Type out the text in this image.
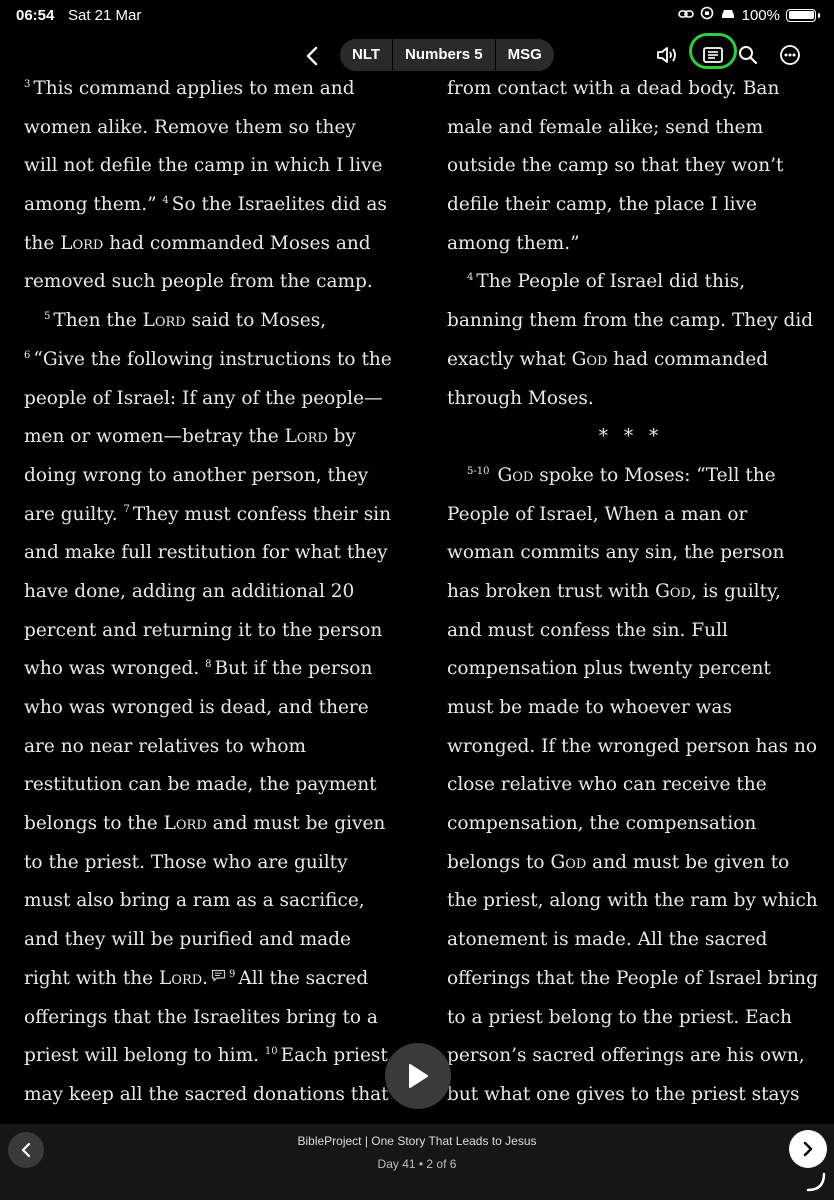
06:54 Sat 21 Mar	100%
NLT	Numbers 5	MSG
$^3$ This command applies to men and
women alike. Remove them so they
will not defile the camp in which I live
among them.” $^4$ So the Israelites did as
the Lord had commanded Moses and
removed such people from the camp.
$^5$ Then the Lord said to Moses,
$^6$ “Give the following instructions to the
people of Israel: If any of the people—
men or women—betray the Lord by
doing wrong to another person, they
are guilty. $^7$ They must confess their sin
and make full restitution for what they
have done, adding an additional 20
percent and returning it to the person
who was wronged. $^8$ But if the person
who was wronged is dead, and there
are no near relatives to whom
restitution can be made, the payment
belongs to the Lord and must be given
to the priest. Those who are guilty
must also bring a ram as a sacrifice,
and they will be purified and made
right with the Lord. $^9$ All the sacred
offerings that the Israelites bring to a
priest will belong to him. $^{10}$ Each priest
may keep all the sacred donations that
from contact with a dead body. Ban
male and female alike; send them
outside the camp so that they won’t
defile their camp, the place I live
among them.”
$^4$ The People of Israel did this,
banning them from the camp. They did
exactly what God had commanded
through Moses.
* * *
$^{5-10}$ God spoke to Moses: “Tell the
People of Israel, When a man or
woman commits any sin, the person
has broken trust with God, is guilty,
and must confess the sin. Full
compensation plus twenty percent
must be made to whoever was
wronged. If the wronged person has no
close relative who can receive the
compensation, the compensation
belongs to God and must be given to
the priest, along with the ram by which
atonement is made. All the sacred
offerings that the People of Israel bring
to a priest belong to the priest. Each
person’s sacred offerings are his own,
but what one gives to the priest stays
BibleProject | One Story That Leads to Jesus
Day 41 • 2 of 6
